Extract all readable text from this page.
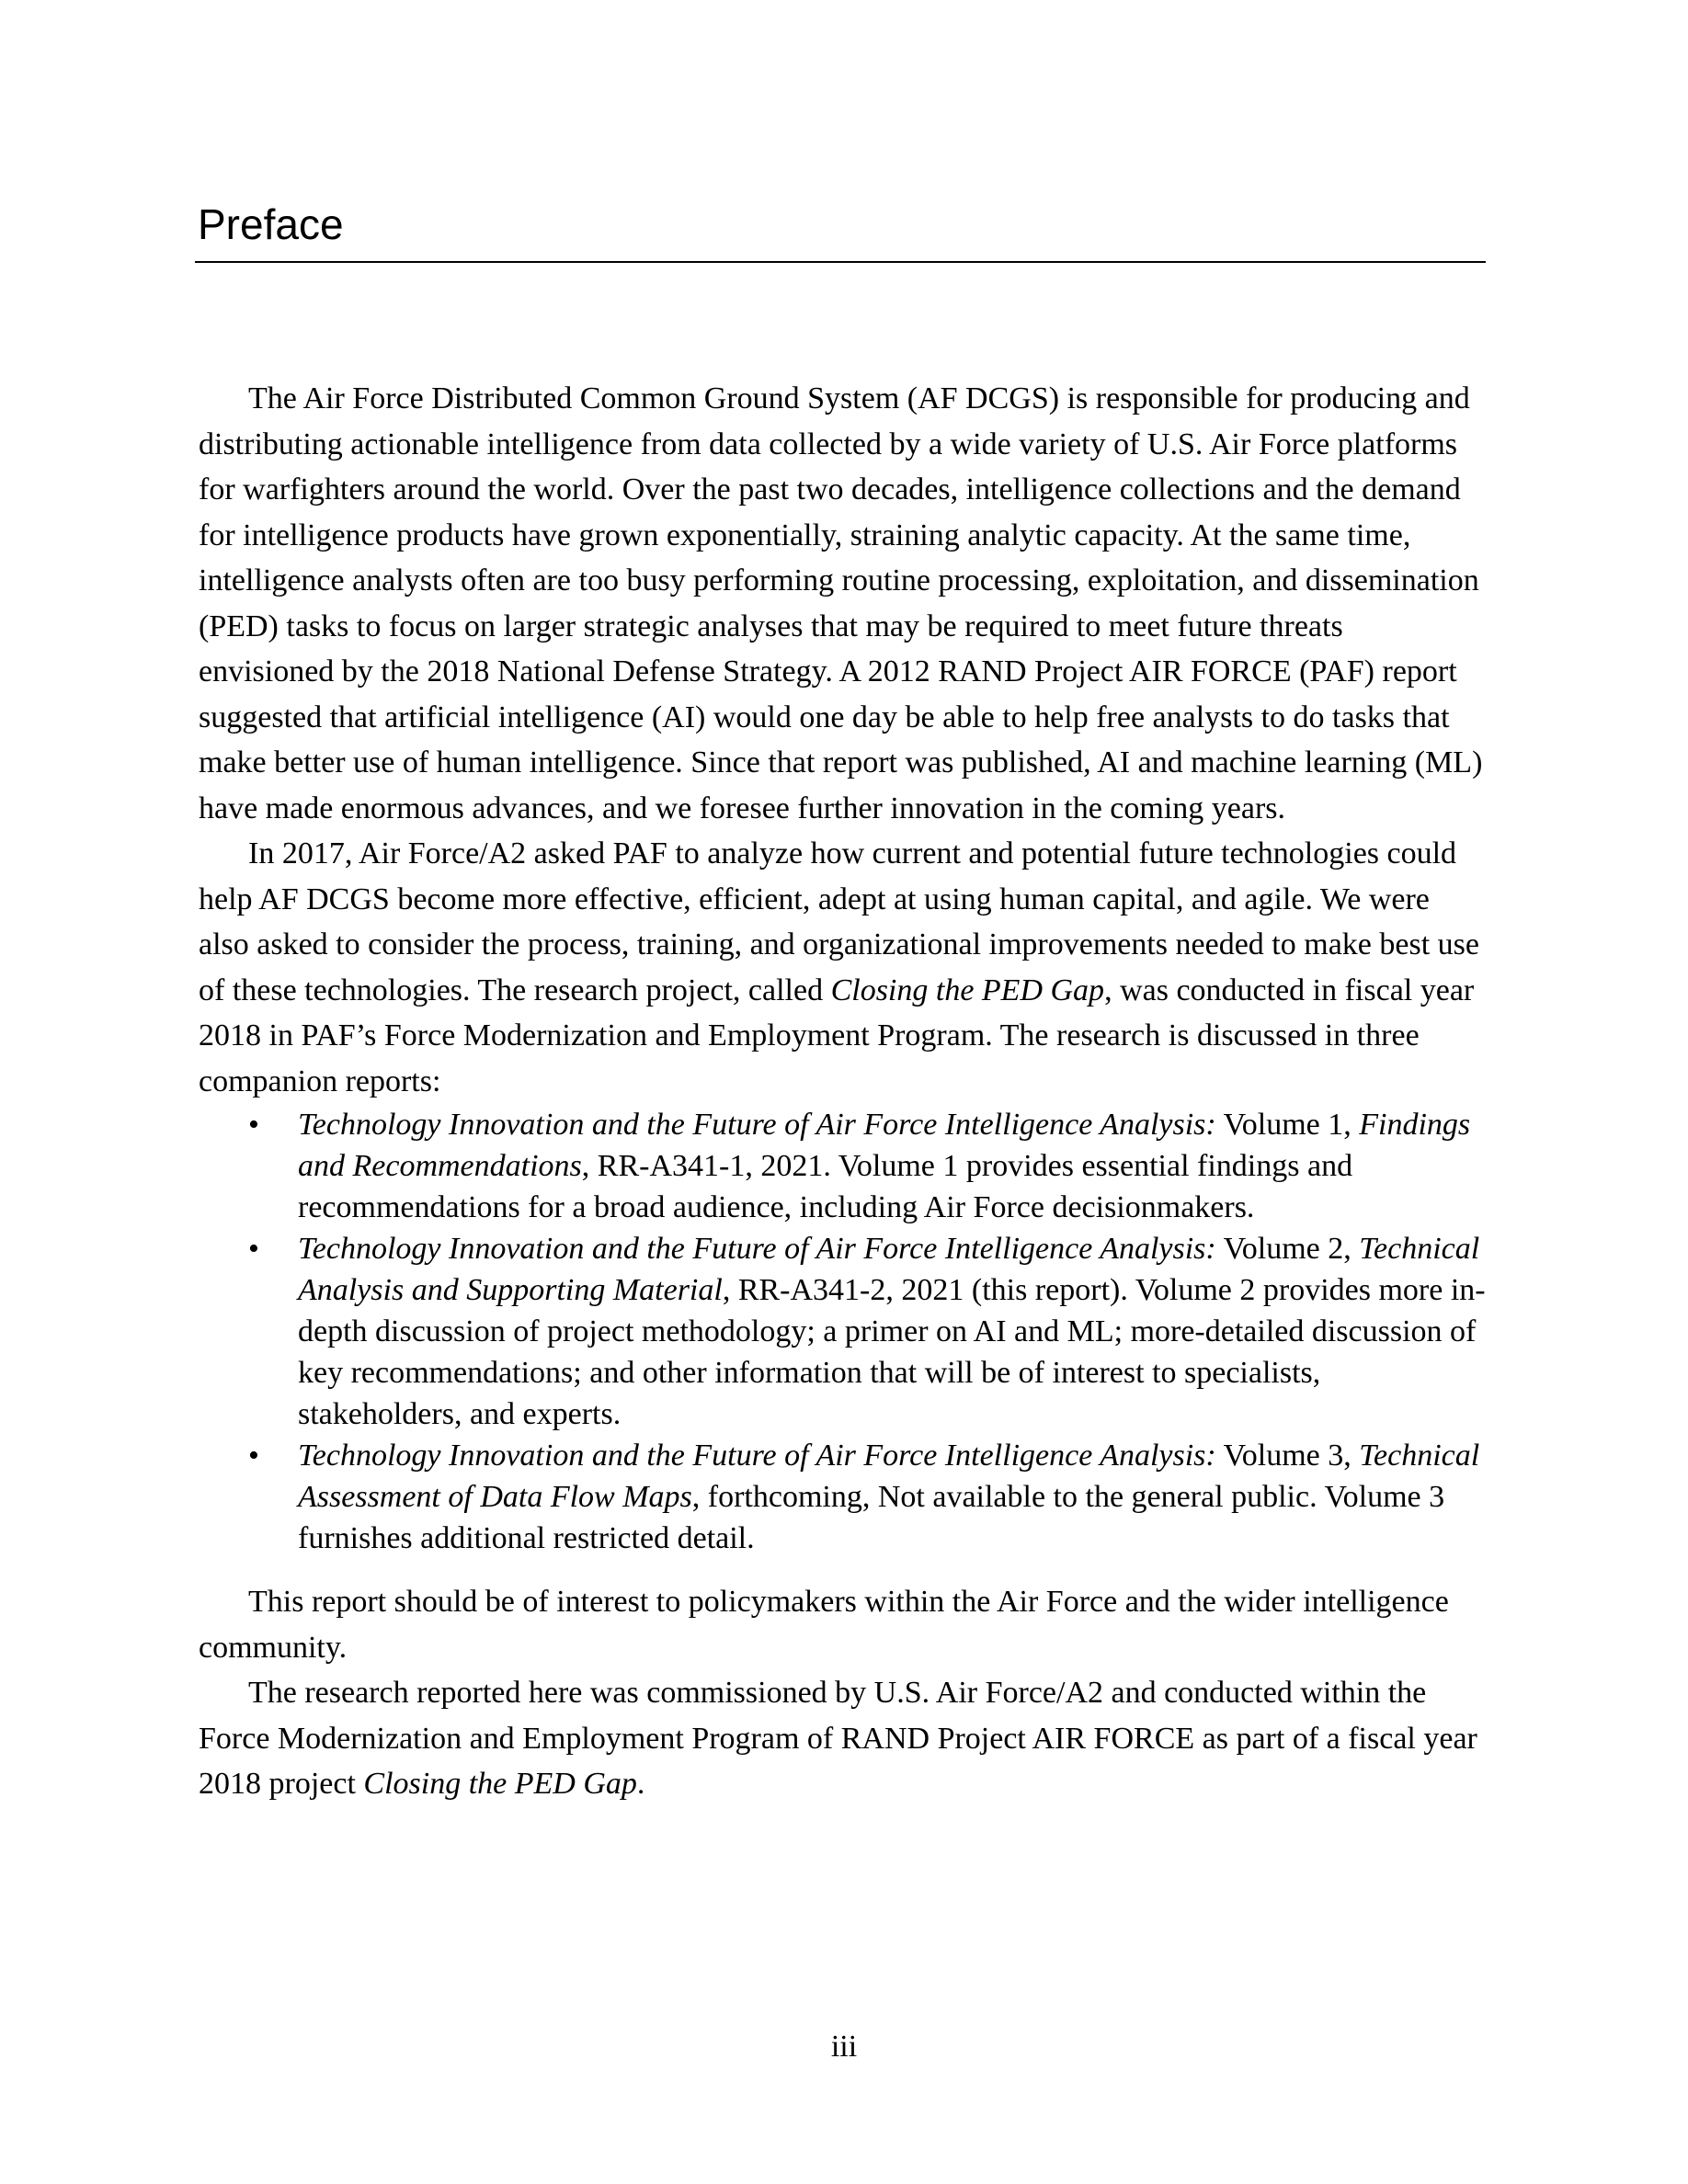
Preface

The Air Force Distributed Common Ground System (AF DCGS) is responsible for producing and distributing actionable intelligence from data collected by a wide variety of U.S. Air Force platforms for warfighters around the world. Over the past two decades, intelligence collections and the demand for intelligence products have grown exponentially, straining analytic capacity. At the same time, intelligence analysts often are too busy performing routine processing, exploitation, and dissemination (PED) tasks to focus on larger strategic analyses that may be required to meet future threats envisioned by the 2018 National Defense Strategy. A 2012 RAND Project AIR FORCE (PAF) report suggested that artificial intelligence (AI) would one day be able to help free analysts to do tasks that make better use of human intelligence. Since that report was published, AI and machine learning (ML) have made enormous advances, and we foresee further innovation in the coming years.

In 2017, Air Force/A2 asked PAF to analyze how current and potential future technologies could help AF DCGS become more effective, efficient, adept at using human capital, and agile. We were also asked to consider the process, training, and organizational improvements needed to make best use of these technologies. The research project, called Closing the PED Gap, was conducted in fiscal year 2018 in PAF’s Force Modernization and Employment Program. The research is discussed in three companion reports:

• Technology Innovation and the Future of Air Force Intelligence Analysis: Volume 1, Findings and Recommendations, RR-A341-1, 2021. Volume 1 provides essential findings and recommendations for a broad audience, including Air Force decisionmakers.
• Technology Innovation and the Future of Air Force Intelligence Analysis: Volume 2, Technical Analysis and Supporting Material, RR-A341-2, 2021 (this report). Volume 2 provides more in-depth discussion of project methodology; a primer on AI and ML; more-detailed discussion of key recommendations; and other information that will be of interest to specialists, stakeholders, and experts.
• Technology Innovation and the Future of Air Force Intelligence Analysis: Volume 3, Technical Assessment of Data Flow Maps, forthcoming, Not available to the general public. Volume 3 furnishes additional restricted detail.

This report should be of interest to policymakers within the Air Force and the wider intelligence community.

The research reported here was commissioned by U.S. Air Force/A2 and conducted within the Force Modernization and Employment Program of RAND Project AIR FORCE as part of a fiscal year 2018 project Closing the PED Gap.

iii
